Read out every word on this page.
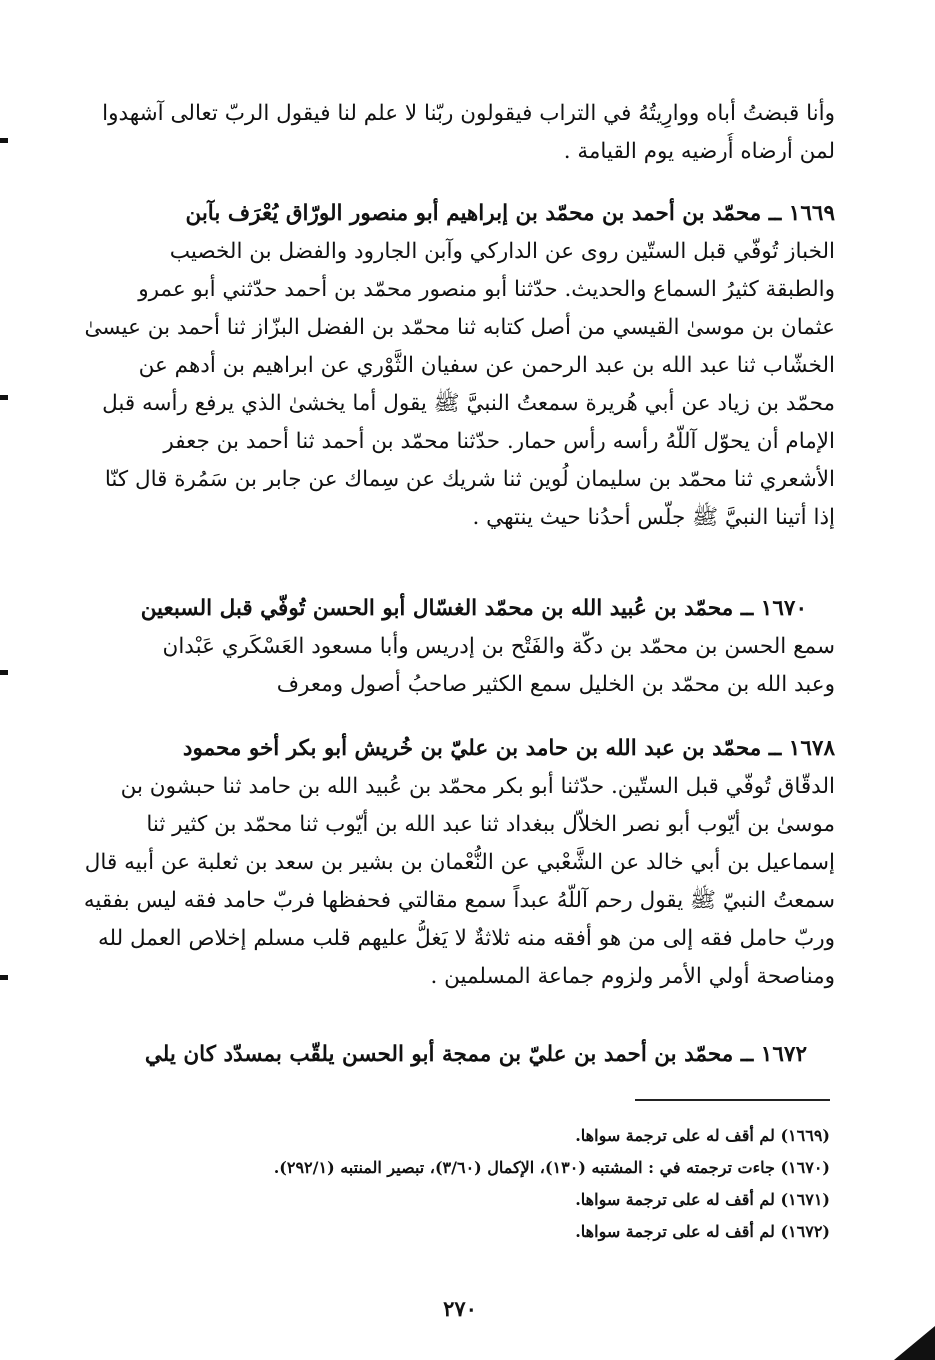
وأنا قبضتُ أباه ووارِيتُهُ في التراب فيقولون ربّنا لا علم لنا فيقول الربّ تعالى آشهدوا
لمن أرضاه أُرضيه يوم القيامة .
١٦٦٩ ــ محمّد بن أحمد بن محمّد بن إبراهيم أبو منصور الورّاق يُعْرَف بآبن
الخباز تُوفّي قبل الستّين روى عن الداركي وآبن الجارود والفضل بن الخصيب
والطبقة كثيرُ السماع والحديث. حدّثنا أبو منصور محمّد بن أحمد حدّثني أبو عمرو
عثمان بن موسىٰ القيسي من أصل كتابه ثنا محمّد بن الفضل البزّاز ثنا أحمد بن عيسىٰ
الخشّاب ثنا عبد الله بن عبد الرحمن عن سفيان الثَّوْري عن ابراهيم بن أدهم عن
محمّد بن زياد عن أبي هُريرة سمعتُ النبيَّ ﷺ يقول أما يخشىٰ الذي يرفع رأسه قبل
الإمام أن يحوّل آللّهُ رأسه رأس حمار. حدّثنا محمّد بن أحمد ثنا أحمد بن جعفر
الأشعري ثنا محمّد بن سليمان لُوين ثنا شريك عن سِماك عن جابر بن سَمُرة قال كنّا
إذا أتينا النبيَّ ﷺ جلّس أحدُنا حيث ينتهي .
١٦٧٠ ــ محمّد بن عُبيد الله بن محمّد الغسّال أبو الحسن تُوفّي قبل السبعين
سمع الحسن بن محمّد بن دكّة والفَتْح بن إدريس وأبا مسعود العَسْكَري عَبْدان
وعبد الله بن محمّد بن الخليل سمع الكثير صاحبُ أصول ومعرف
١٦٧٨ ــ محمّد بن عبد الله بن حامد بن عليّ بن خُريش أبو بكر أخو محمود
الدقّاق تُوفّي قبل الستّين. حدّثنا أبو بكر محمّد بن عُبيد الله بن حامد ثنا حبشون بن
موسىٰ بن أيّوب أبو نصر الخلاّل ببغداد ثنا عبد الله بن أيّوب ثنا محمّد بن كثير ثنا
إسماعيل بن أبي خالد عن الشَّعْبي عن النُّعْمان بن بشير بن سعد بن ثعلبة عن أبيه قال
سمعتُ النبيّ ﷺ يقول رحم آللّهُ عبداً سمع مقالتي فحفظها فربّ حامد فقه ليس بفقيه
وربّ حامل فقه إلى من هو أفقه منه ثلاثةٌ لا يَغلُّ عليهم قلب مسلم إخلاص العمل لله
ومناصحة أولي الأمر ولزوم جماعة المسلمين .
١٦٧٢ ــ محمّد بن أحمد بن عليّ بن ممجة أبو الحسن يلقّب بمسدّد كان يلي
(١٦٦٩) لم أقف له على ترجمة سواها.
(١٦٧٠) جاءت ترجمته في : المشتبه (١٣٠)، الإكمال (٣/٦٠)، تبصير المنتبه (٢٩٢/١).
(١٦٧١) لم أقف له على ترجمة سواها.
(١٦٧٢) لم أقف له على ترجمة سواها.
٢٧٠
